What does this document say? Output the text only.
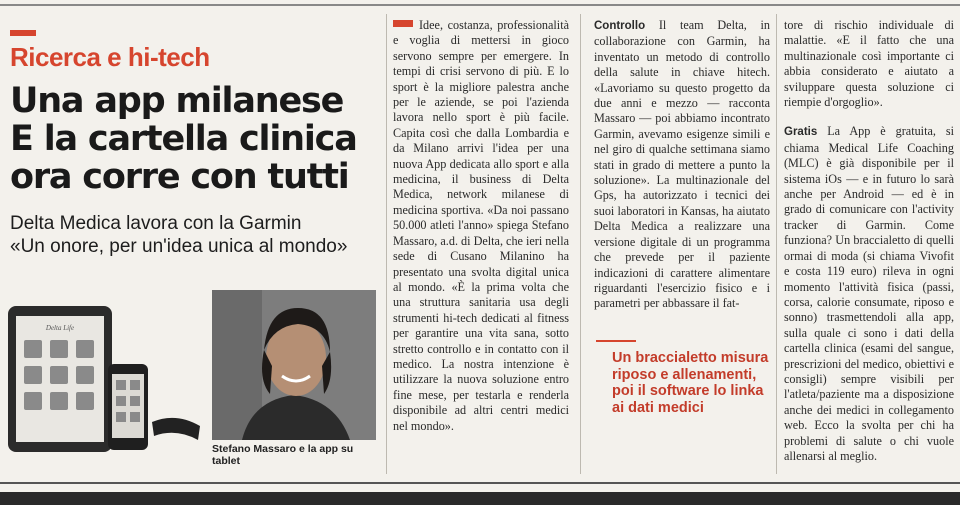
Ricerca e hi-tech
Una app milanese
E la cartella clinica
ora corre con tutti
Delta Medica lavora con la Garmin
«Un onore, per un'idea unica al mondo»
Delta Life
Stefano Massaro e la app su tablet
Idee, costanza, professionalità e voglia di mettersi in gioco servono sempre per emergere. In tempi di crisi servono di più. E lo sport è la migliore palestra anche per le aziende, se poi l'azienda lavora nello sport è più facile. Capita così che dalla Lombardia e da Milano arrivi l'idea per una nuova App dedicata allo sport e alla medicina, il business di Delta Medica, network milanese di medicina sportiva. «Da noi passano 50.000 atleti l'anno» spiega Stefano Massaro, a.d. di Delta, che ieri nella sede di Cusano Milanino ha presentato una svolta digital unica al mondo. «È la prima volta che una struttura sanitaria usa degli strumenti hi-tech dedicati al fitness per garantire una vita sana, sotto stretto controllo e in contatto con il medico. La nostra intenzione è utilizzare la nuova soluzione entro fine mese, per testarla e renderla disponibile ad altri centri medici nel mondo».
Controllo Il team Delta, in collaborazione con Garmin, ha inventato un metodo di controllo della salute in chiave hitech. «Lavoriamo su questo progetto da due anni e mezzo — racconta Massaro — poi abbiamo incontrato Garmin, avevamo esigenze simili e nel giro di qualche settimana siamo stati in grado di mettere a punto la soluzione». La multinazionale del Gps, ha autorizzato i tecnici dei suoi laboratori in Kansas, ha aiutato Delta Medica a realizzare una versione digitale di un programma che prevede per il paziente indicazioni di carattere alimentare riguardanti l'esercizio fisico e i parametri per abbassare il fat-
Un braccialetto misura riposo e allenamenti, poi il software lo linka ai dati medici
tore di rischio individuale di malattie. «E il fatto che una multinazionale così importante ci abbia considerato e aiutato a sviluppare questa soluzione ci riempie d'orgoglio».
Gratis La App è gratuita, si chiama Medical Life Coaching (MLC) è già disponibile per il sistema iOs — e in futuro lo sarà anche per Android — ed è in grado di comunicare con l'activity tracker di Garmin. Come funziona? Un braccialetto di quelli ormai di moda (si chiama Vivofit e costa 119 euro) rileva in ogni momento l'attività fisica (passi, corsa, calorie consumate, riposo e sonno) trasmettendoli alla app, sulla quale ci sono i dati della cartella clinica (esami del sangue, prescrizioni del medico, obiettivi e consigli) sempre visibili per l'atleta/paziente ma a disposizione anche dei medici in collegamento web. Ecco la svolta per chi ha problemi di salute o chi vuole allenarsi al meglio.
